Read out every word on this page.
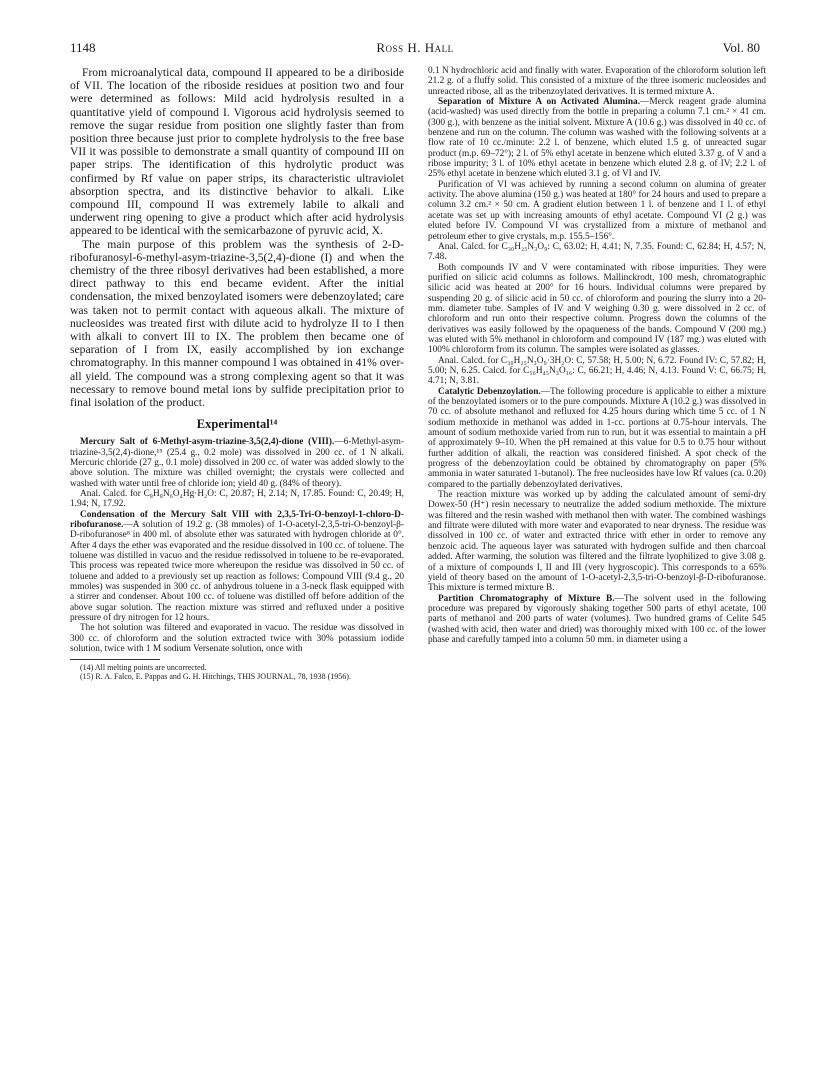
1148	Ross H. Hall	Vol. 80

From microanalytical data, compound II appeared to be a diriboside of VII. The location of the riboside residues at position two and four were determined as follows: Mild acid hydrolysis resulted in a quantitative yield of compound I. Vigorous acid hydrolysis seemed to remove the sugar residue from position one slightly faster than from position three because just prior to complete hydrolysis to the free base VII it was possible to demonstrate a small quantity of compound III on paper strips. The identification of this hydrolytic product was confirmed by Rf value on paper strips, its characteristic ultraviolet absorption spectra, and its distinctive behavior to alkali. Like compound III, compound II was extremely labile to alkali and underwent ring opening to give a product which after acid hydrolysis appeared to be identical with the semicarbazone of pyruvic acid, X.

The main purpose of this problem was the synthesis of 2-D-ribofuranosyl-6-methyl-asym-triazine-3,5(2,4)-dione (I) and when the chemistry of the three ribosyl derivatives had been established, a more direct pathway to this end became evident. After the initial condensation, the mixed benzoylated isomers were debenzoylated; care was taken not to permit contact with aqueous alkali. The mixture of nucleosides was treated first with dilute acid to hydrolyze II to I then with alkali to convert III to IX. The problem then became one of separation of I from IX, easily accomplished by ion exchange chromatography. In this manner compound I was obtained in 41% over-all yield. The compound was a strong complexing agent so that it was necessary to remove bound metal ions by sulfide precipitation prior to final isolation of the product.

Experimental¹⁴

Mercury Salt of 6-Methyl-asym-triazine-3,5(2,4)-dione (VIII).—6-Methyl-asym-triazine-3,5(2,4)-dione,¹⁵ (25.4 g., 0.2 mole) was dissolved in 200 cc. of 1 N alkali. Mercuric chloride (27 g., 0.1 mole) dissolved in 200 cc. of water was added slowly to the above solution. The mixture was chilled overnight; the crystals were collected and washed with water until free of chloride ion; yield 40 g. (84% of theory).

Anal. Calcd. for C₈H₈N₆O₄Hg·H₂O: C, 20.87; H, 2.14; N, 17.85. Found: C, 20.49; H, 1.94; N, 17.92.

Condensation of the Mercury Salt VIII with 2,3,5-Tri-O-benzoyl-1-chloro-D-ribofuranose.—A solution of 19.2 g. (38 mmoles) of 1-O-acetyl-2,3,5-tri-O-benzoyl-β-D-ribofuranose⁸ in 400 ml. of absolute ether was saturated with hydrogen chloride at 0°. After 4 days the ether was evaporated and the residue dissolved in 100 cc. of toluene. The toluene was distilled in vacuo and the residue redissolved in toluene to be re-evaporated. This process was repeated twice more whereupon the residue was dissolved in 50 cc. of toluene and added to a previously set up reaction as follows: Compound VIII (9.4 g., 20 mmoles) was suspended in 300 cc. of anhydrous toluene in a 3-neck flask equipped with a stirrer and condenser. About 100 cc. of toluene was distilled off before addition of the above sugar solution. The reaction mixture was stirred and refluxed under a positive pressure of dry nitrogen for 12 hours.

The hot solution was filtered and evaporated in vacuo. The residue was dissolved in 300 cc. of chloroform and the solution extracted twice with 30% potassium iodide solution, twice with 1 M sodium Versenate solution, once with

(14) All melting points are uncorrected.

(15) R. A. Falco, E. Pappas and G. H. Hitchings, THIS JOURNAL, 78, 1938 (1956).

0.1 N hydrochloric acid and finally with water. Evaporation of the chloroform solution left 21.2 g. of a fluffy solid. This consisted of a mixture of the three isomeric nucleosides and unreacted ribose, all as the tribenzoylated derivatives. It is termed mixture A.

Separation of Mixture A on Activated Alumina.—Merck reagent grade alumina (acid-washed) was used directly from the bottle in preparing a column 7.1 cm.² × 41 cm. (300 g.), with benzene as the initial solvent. Mixture A (10.6 g.) was dissolved in 40 cc. of benzene and run on the column. The column was washed with the following solvents at a flow rate of 10 cc./minute: 2.2 l. of benzene, which eluted 1.5 g. of unreacted sugar product (m.p. 69–72°); 2 l. of 5% ethyl acetate in benzene which eluted 3.37 g. of V and a ribose impurity; 3 l. of 10% ethyl acetate in benzene which eluted 2.8 g. of IV; 2.2 l. of 25% ethyl acetate in benzene which eluted 3.1 g. of VI and IV.

Purification of VI was achieved by running a second column on alumina of greater activity. The above alumina (150 g.) was heated at 180° for 24 hours and used to prepare a column 3.2 cm.² × 50 cm. A gradient elution between 1 l. of benzene and 1 l. of ethyl acetate was set up with increasing amounts of ethyl acetate. Compound VI (2 g.) was eluted before IV. Compound VI was crystallized from a mixture of methanol and petroleum ether to give crystals, m.p. 155.5–156°.

Anal. Calcd. for C₃₀H₂₅N₃O₉: C, 63.02; H, 4.41; N, 7.35. Found: C, 62.84; H, 4.57; N, 7.48.

Both compounds IV and V were contaminated with ribose impurities. They were purified on silicic acid columns as follows. Mallinckrodt, 100 mesh, chromatographic silicic acid was heated at 200° for 16 hours. Individual columns were prepared by suspending 20 g. of silicic acid in 50 cc. of chloroform and pouring the slurry into a 20-mm. diameter tube. Samples of IV and V weighing 0.30 g. were dissolved in 2 cc. of chloroform and run onto their respective column. Progress down the columns of the derivatives was easily followed by the opaqueness of the bands. Compound V (200 mg.) was eluted with 5% methanol in chloroform and compound IV (187 mg.) was eluted with 100% chloroform from its column. The samples were isolated as glasses.

Anal. Calcd. for C₃₀H₂₅N₃O₉·3H₂O: C, 57.58; H, 5.00; N, 6.72. Found IV: C, 57.82; H, 5.00; N, 6.25. Calcd. for C₅₆H₄₅N₃O₁₆: C, 66.21; H, 4.46; N, 4.13. Found V: C, 66.75; H, 4.71; N, 3.81.

Catalytic Debenzoylation.—The following procedure is applicable to either a mixture of the benzoylated isomers or to the pure compounds. Mixture A (10.2 g.) was dissolved in 70 cc. of absolute methanol and refluxed for 4.25 hours during which time 5 cc. of 1 N sodium methoxide in methanol was added in 1-cc. portions at 0.75-hour intervals. The amount of sodium methoxide varied from run to run, but it was essential to maintain a pH of approximately 9–10. When the pH remained at this value for 0.5 to 0.75 hour without further addition of alkali, the reaction was considered finished. A spot check of the progress of the debenzoylation could be obtained by chromatography on paper (5% ammonia in water saturated 1-butanol). The free nucleosides have low Rf values (ca. 0.20) compared to the partially debenzoylated derivatives.

The reaction mixture was worked up by adding the calculated amount of semi-dry Dowex-50 (H⁺) resin necessary to neutralize the added sodium methoxide. The mixture was filtered and the resin washed with methanol then with water. The combined washings and filtrate were diluted with more water and evaporated to near dryness. The residue was dissolved in 100 cc. of water and extracted thrice with ether in order to remove any benzoic acid. The aqueous layer was saturated with hydrogen sulfide and then charcoal added. After warming, the solution was filtered and the filtrate lyophilized to give 3.08 g. of a mixture of compounds I, II and III (very hygroscopic). This corresponds to a 65% yield of theory based on the amount of 1-O-acetyl-2,3,5-tri-O-benzoyl-β-D-ribofuranose. This mixture is termed mixture B.

Partition Chromatography of Mixture B.—The solvent used in the following procedure was prepared by vigorously shaking together 500 parts of ethyl acetate, 100 parts of methanol and 200 parts of water (volumes). Two hundred grams of Celite 545 (washed with acid, then water and dried) was thoroughly mixed with 100 cc. of the lower phase and carefully tamped into a column 50 mm. in diameter using a
